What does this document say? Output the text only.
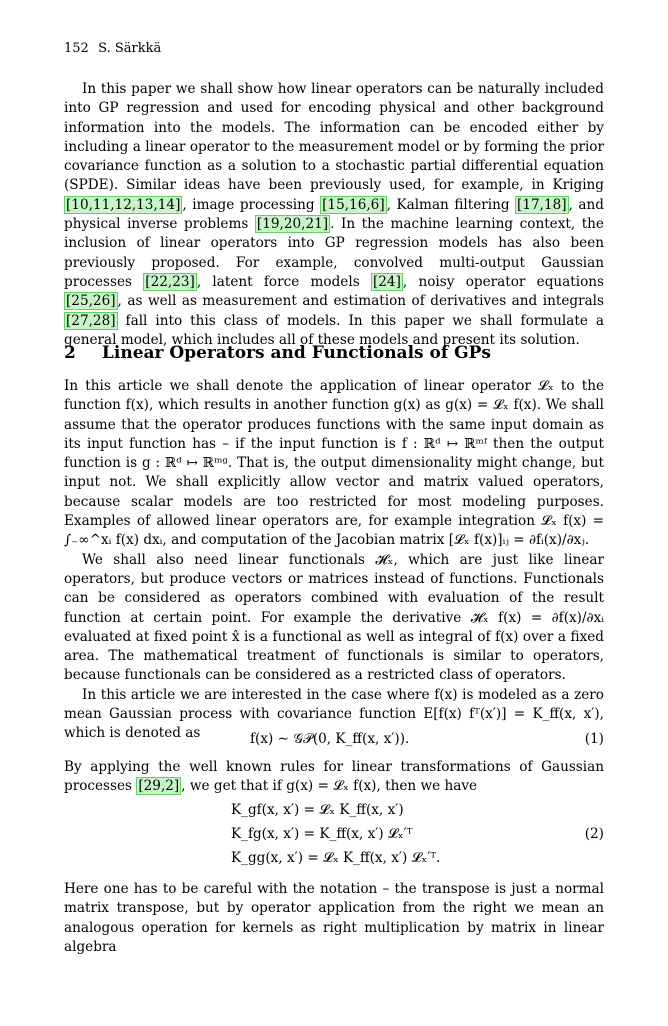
152 S. Särkkä

In this paper we shall show how linear operators can be naturally included into GP regression and used for encoding physical and other background information into the models. The information can be encoded either by including a linear operator to the measurement model or by forming the prior covariance function as a solution to a stochastic partial differential equation (SPDE). Similar ideas have been previously used, for example, in Kriging [10,11,12,13,14] , image processing [15,16,6] , Kalman filtering [17,18] , and physical inverse problems [19,20,21] . In the machine learning context, the inclusion of linear operators into GP regression models has also been previously proposed. For example, convolved multi-output Gaussian processes [22,23] , latent force models [24] , noisy operator equations [25,26] , as well as measurement and estimation of derivatives and integrals [27,28] fall into this class of models. In this paper we shall formulate a general model, which includes all of these models and present its solution.

2 Linear Operators and Functionals of GPs

In this article we shall denote the application of linear operator 𝓛ₓ to the function f(x), which results in another function g(x) as g(x) = 𝓛ₓ f(x). We shall assume that the operator produces functions with the same input domain as its input function has – if the input function is f : ℝᵈ ↦ ℝᵐᶠ then the output function is g : ℝᵈ ↦ ℝᵐᵍ. That is, the output dimensionality might change, but input not. We shall explicitly allow vector and matrix valued operators, because scalar models are too restricted for most modeling purposes. Examples of allowed linear operators are, for example integration 𝓛ₓ f(x) = ∫₋∞^xᵢ f(x) dxᵢ, and computation of the Jacobian matrix [𝓛ₓ f(x)]ᵢⱼ = ∂fᵢ(x)/∂xⱼ.

We shall also need linear functionals 𝓗ₓ, which are just like linear operators, but produce vectors or matrices instead of functions. Functionals can be considered as operators combined with evaluation of the result function at certain point. For example the derivative 𝓗ₓ f(x) = ∂f(x)/∂xᵢ evaluated at fixed point x̂ is a functional as well as integral of f(x) over a fixed area. The mathematical treatment of functionals is similar to operators, because functionals can be considered as a restricted class of operators.

In this article we are interested in the case where f(x) is modeled as a zero mean Gaussian process with covariance function E[f(x) fᵀ(x′)] = K_ff(x, x′), which is denoted as	f(x) ∼ 𝒢𝒫(0, K_ff(x, x′)).	(1)

By applying the well known rules for linear transformations of Gaussian processes [29,2] , we get that if g(x) = 𝓛ₓ f(x), then we have

K_gf(x, x′) = 𝓛ₓ K_ff(x, x′)
K_fg(x, x′) = K_ff(x, x′) 𝓛ₓ′ᵀ	(2)
K_gg(x, x′) = 𝓛ₓ K_ff(x, x′) 𝓛ₓ′ᵀ.

Here one has to be careful with the notation – the transpose is just a normal matrix transpose, but by operator application from the right we mean an analogous operation for kernels as right multiplication by matrix in linear algebra
